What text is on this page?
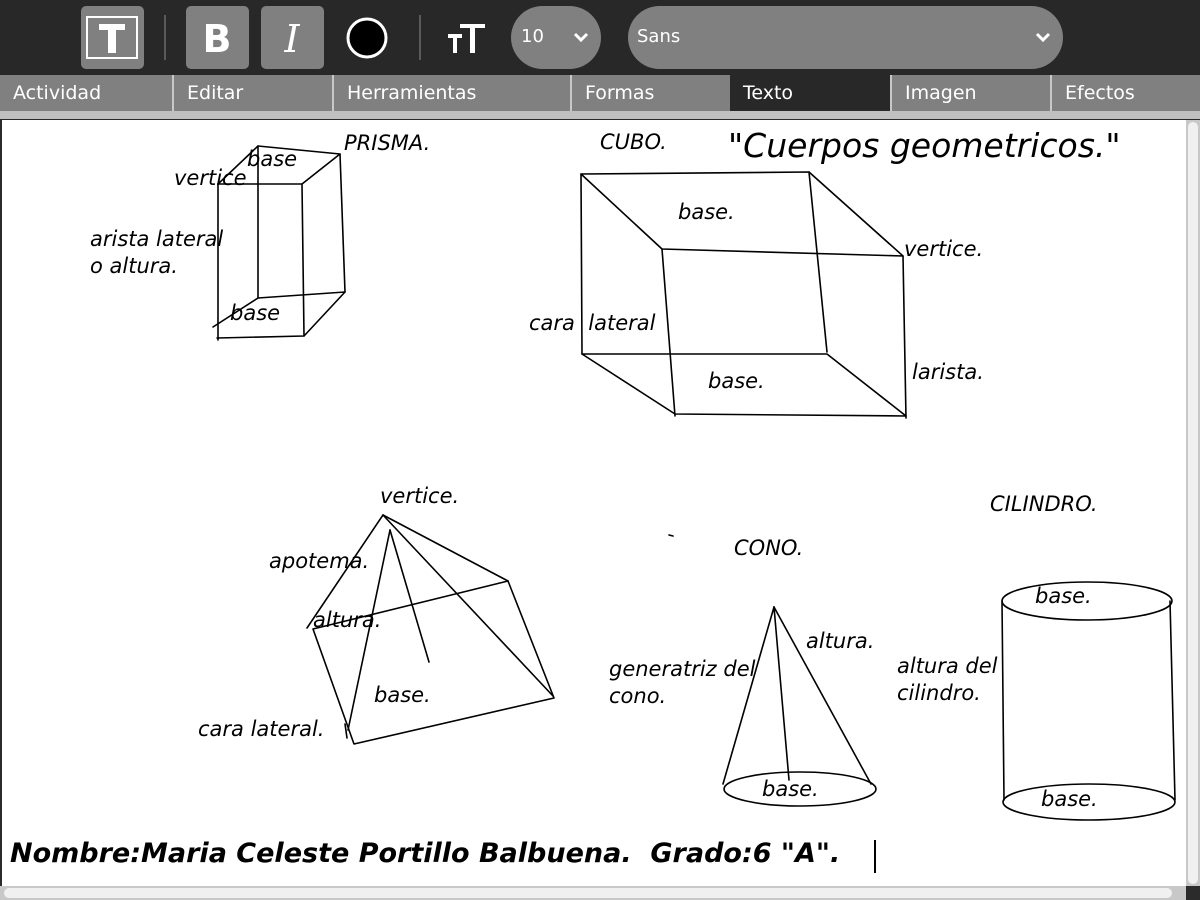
B I	10	Sans
Actividad	Editar	Herramientas	Formas	Texto	Imagen	Efectos
"Cuerpos geometricos."
PRISMA.
base
vertice
arista lateral
o altura.
base
CUBO.
base.
vertice.
cara  lateral
base.	larista.
vertice.
apotema.
altura.
base.
cara lateral.
CONO.
altura.
generatriz del
cono.
base.
CILINDRO.
base.
altura del
cilindro.
base.
Nombre:Maria Celeste Portillo Balbuena.  Grado:6 "A".
